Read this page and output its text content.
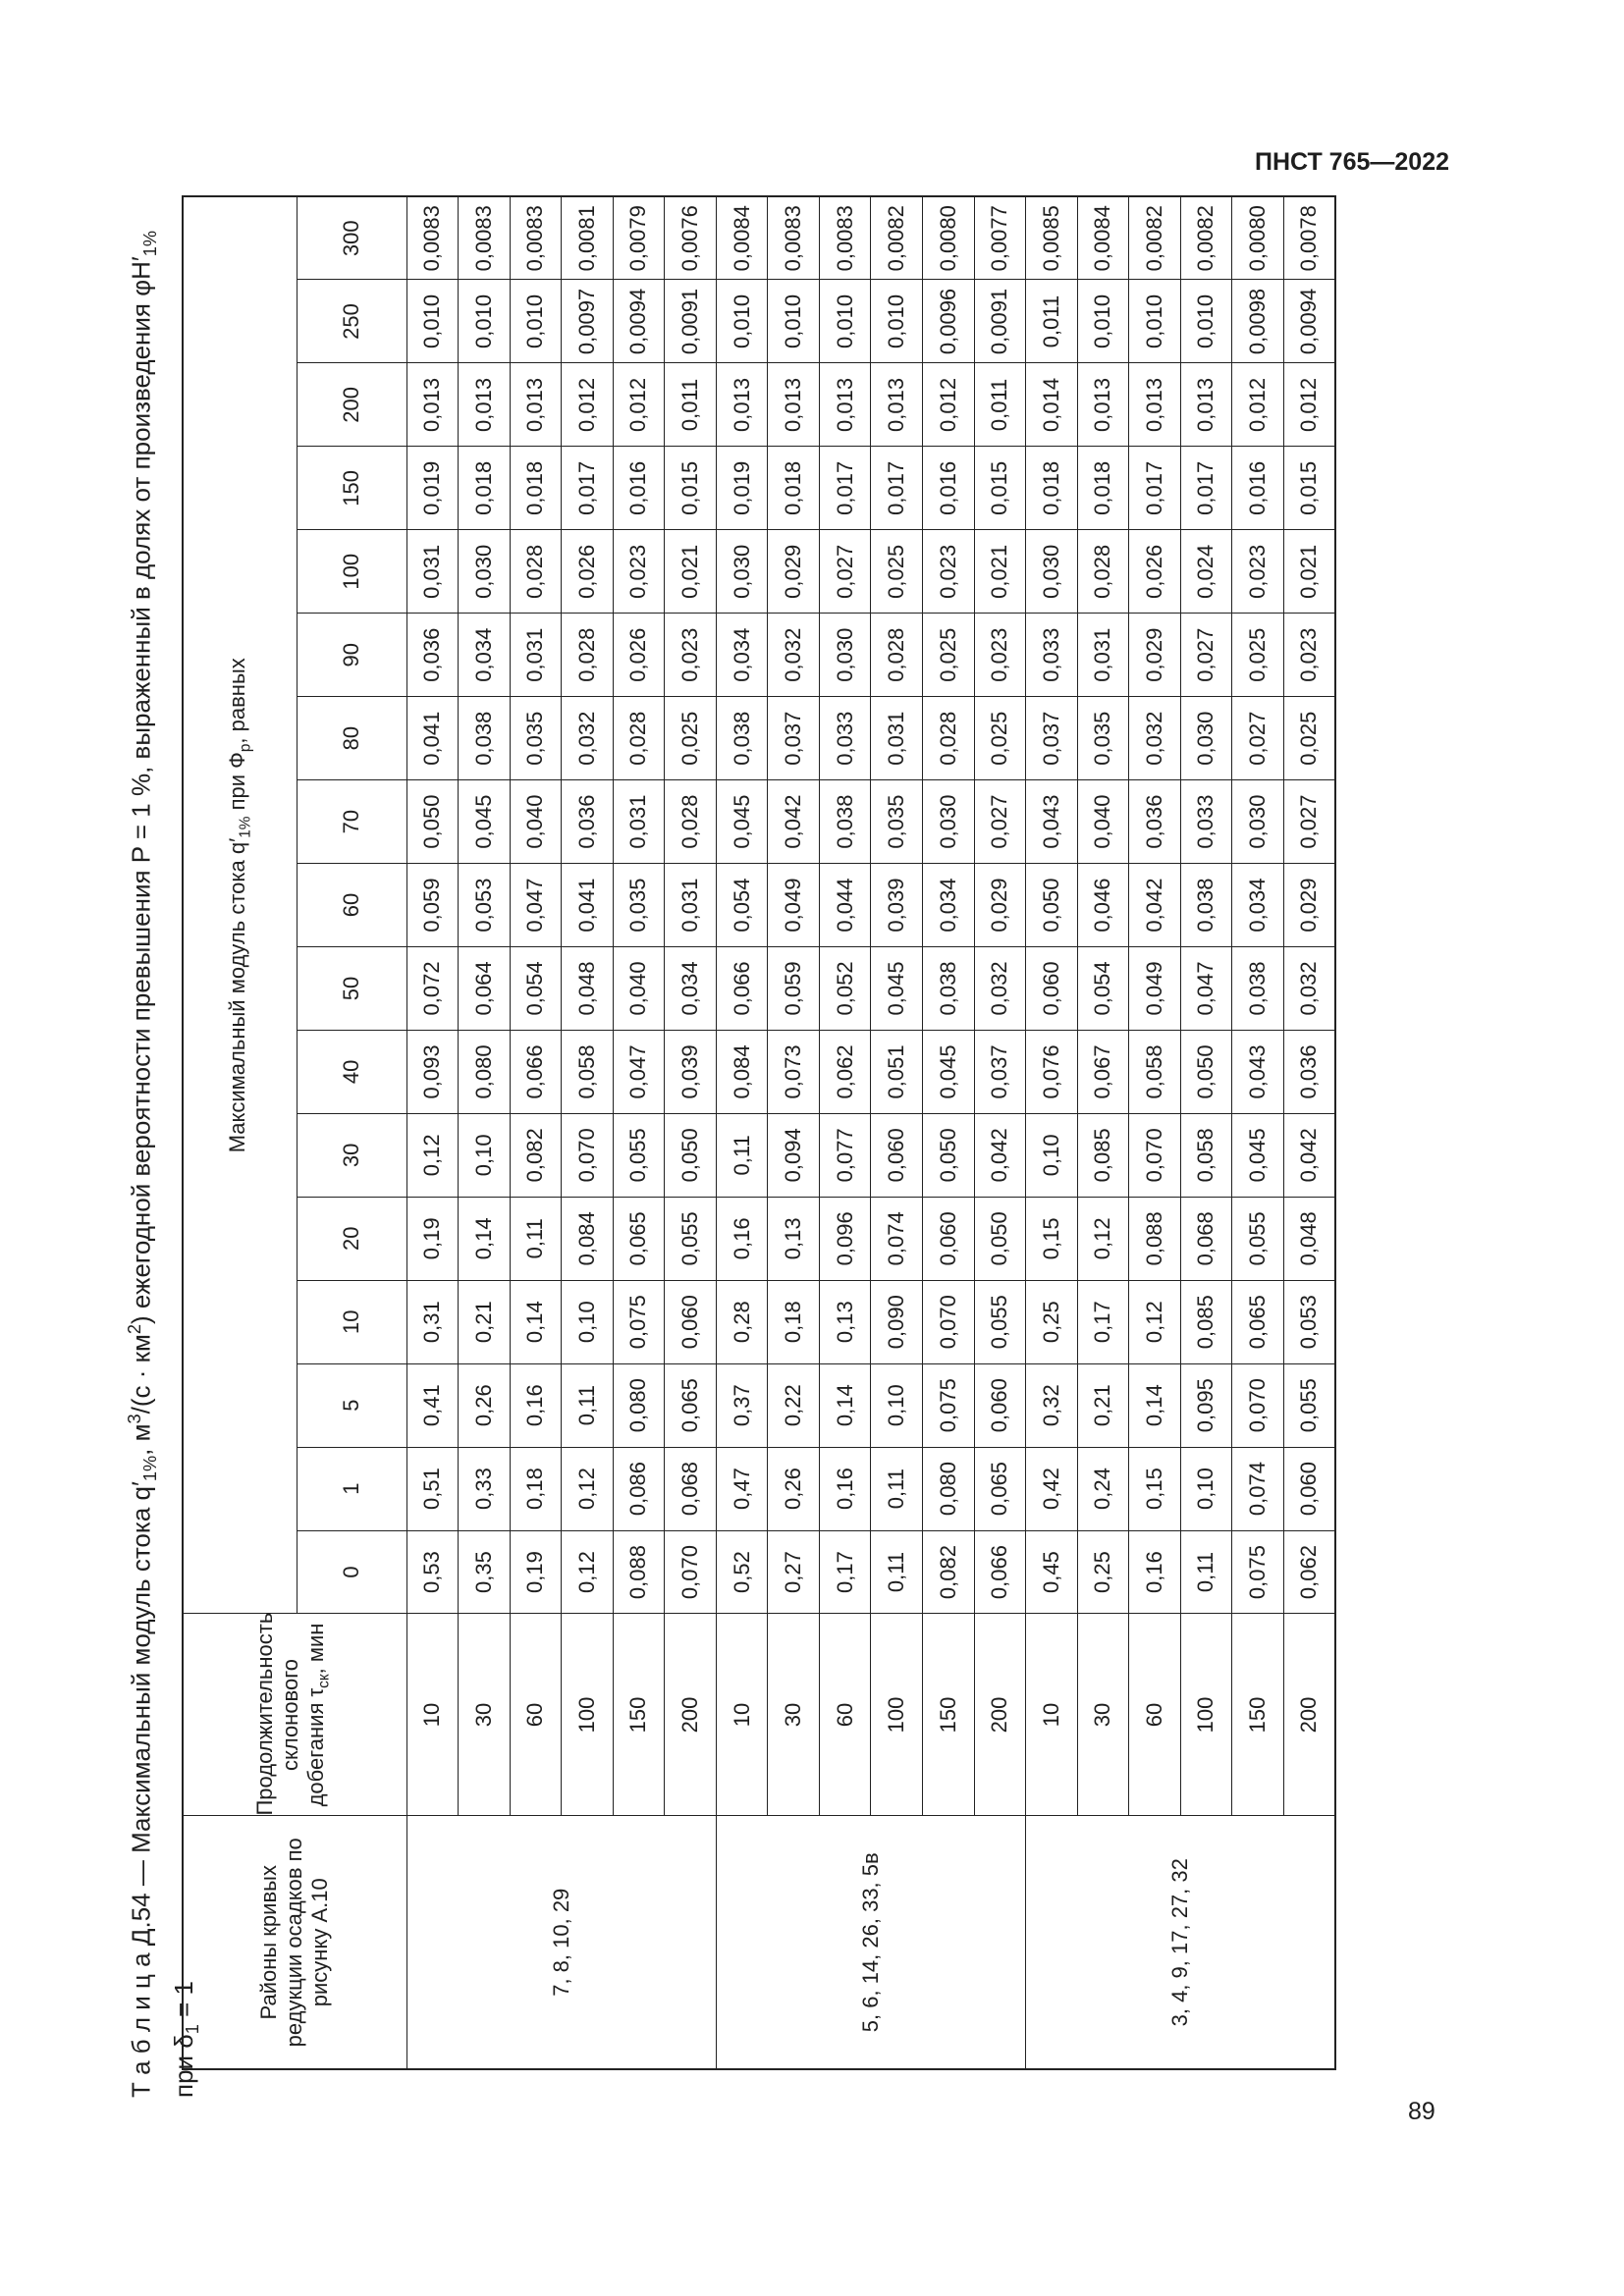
ПНСТ 765—2022
89
Т а б л и ц а Д.54 — Максимальный модуль стока $q'_{1\%}$, $м^3/(с \cdot км^2)$ ежегодной вероятности превышения P = 1 %, выраженный в долях от произведения $\varphi H'_{1\%}$
при $\delta_1 = 1$	Районы кривых редукции осадков по рисунку А.10	Продолжительность склонового добегания $\tau_{ск}$, мин	Максимальный модуль стока $q'_{1\%}$ при $Ф_р$, равных																
		0	1	5	10	20	30	40	50	60	70	80	90	100	150	200	250	300
7, 8, 10, 29	10	0,53	0,51	0,41	0,31	0,19	0,12	0,093	0,072	0,059	0,050	0,041	0,036	0,031	0,019	0,013	0,010	0,0083
	30	0,35	0,33	0,26	0,21	0,14	0,10	0,080	0,064	0,053	0,045	0,038	0,034	0,030	0,018	0,013	0,010	0,0083
	60	0,19	0,18	0,16	0,14	0,11	0,082	0,066	0,054	0,047	0,040	0,035	0,031	0,028	0,018	0,013	0,010	0,0083
	100	0,12	0,12	0,11	0,10	0,084	0,070	0,058	0,048	0,041	0,036	0,032	0,028	0,026	0,017	0,012	0,0097	0,0081
	150	0,088	0,086	0,080	0,075	0,065	0,055	0,047	0,040	0,035	0,031	0,028	0,026	0,023	0,016	0,012	0,0094	0,0079
	200	0,070	0,068	0,065	0,060	0,055	0,050	0,039	0,034	0,031	0,028	0,025	0,023	0,021	0,015	0,011	0,0091	0,0076
5, 6, 14, 26, 33, 5в	10	0,52	0,47	0,37	0,28	0,16	0,11	0,084	0,066	0,054	0,045	0,038	0,034	0,030	0,019	0,013	0,010	0,0084
	30	0,27	0,26	0,22	0,18	0,13	0,094	0,073	0,059	0,049	0,042	0,037	0,032	0,029	0,018	0,013	0,010	0,0083
	60	0,17	0,16	0,14	0,13	0,096	0,077	0,062	0,052	0,044	0,038	0,033	0,030	0,027	0,017	0,013	0,010	0,0083
	100	0,11	0,11	0,10	0,090	0,074	0,060	0,051	0,045	0,039	0,035	0,031	0,028	0,025	0,017	0,013	0,010	0,0082
	150	0,082	0,080	0,075	0,070	0,060	0,050	0,045	0,038	0,034	0,030	0,028	0,025	0,023	0,016	0,012	0,0096	0,0080
	200	0,066	0,065	0,060	0,055	0,050	0,042	0,037	0,032	0,029	0,027	0,025	0,023	0,021	0,015	0,011	0,0091	0,0077
3, 4, 9, 17, 27, 32	10	0,45	0,42	0,32	0,25	0,15	0,10	0,076	0,060	0,050	0,043	0,037	0,033	0,030	0,018	0,014	0,011	0,0085
	30	0,25	0,24	0,21	0,17	0,12	0,085	0,067	0,054	0,046	0,040	0,035	0,031	0,028	0,018	0,013	0,010	0,0084
	60	0,16	0,15	0,14	0,12	0,088	0,070	0,058	0,049	0,042	0,036	0,032	0,029	0,026	0,017	0,013	0,010	0,0082
	100	0,11	0,10	0,095	0,085	0,068	0,058	0,050	0,047	0,038	0,033	0,030	0,027	0,024	0,017	0,013	0,010	0,0082
	150	0,075	0,074	0,070	0,065	0,055	0,045	0,043	0,038	0,034	0,030	0,027	0,025	0,023	0,016	0,012	0,0098	0,0080
	200	0,062	0,060	0,055	0,053	0,048	0,042	0,036	0,032	0,029	0,027	0,025	0,023	0,021	0,015	0,012	0,0094	0,0078
